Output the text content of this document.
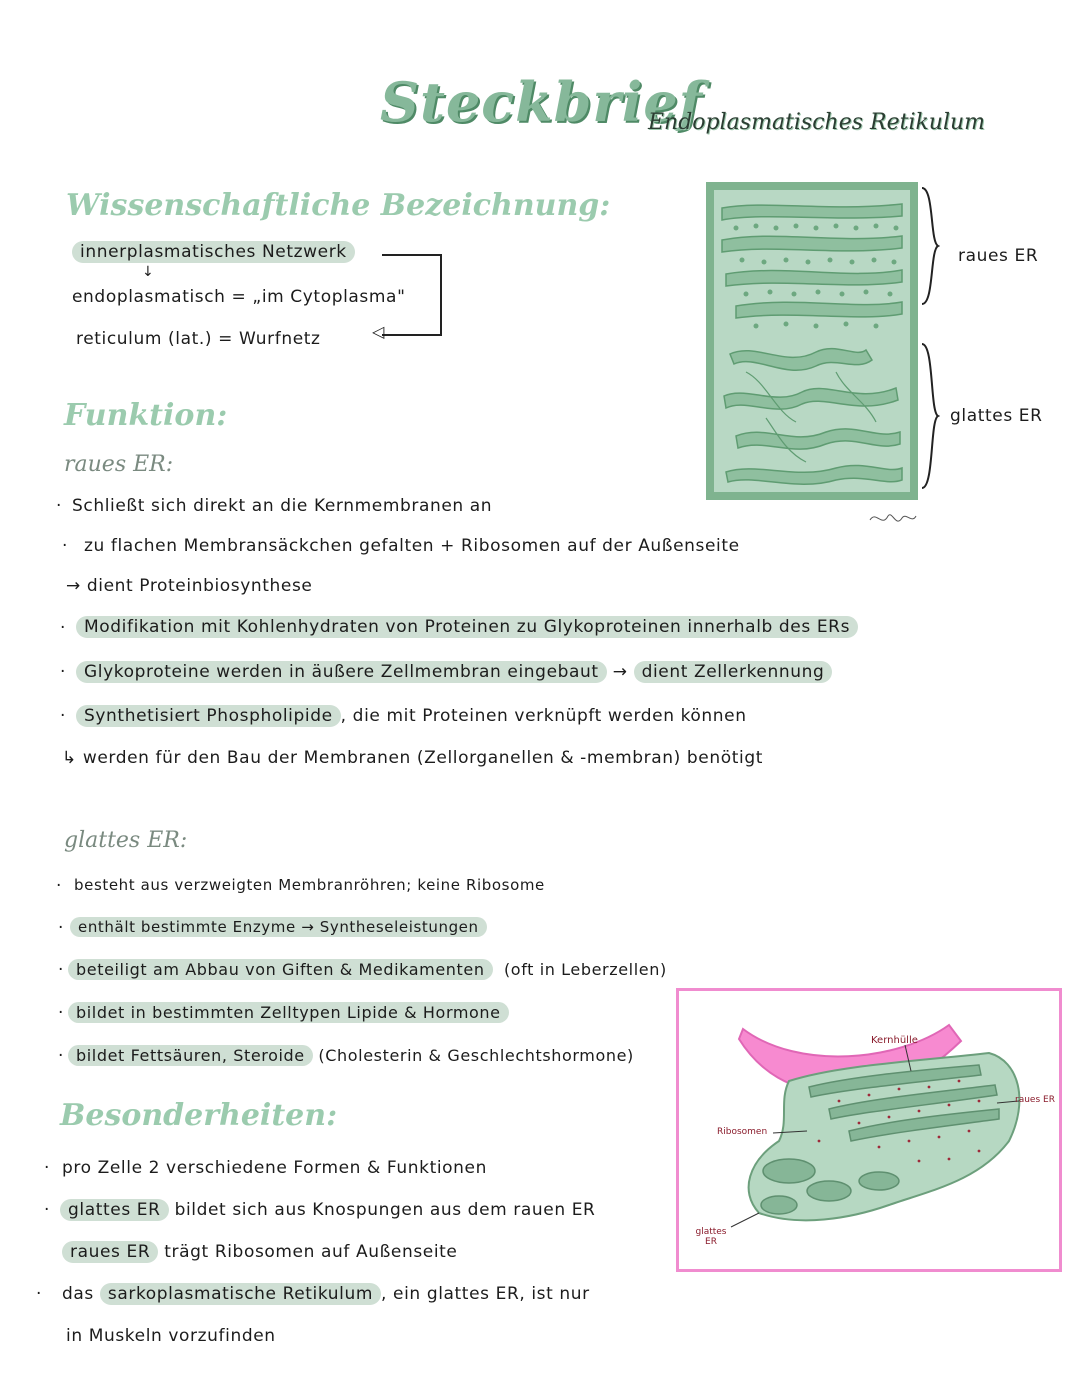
Steckbrief
Endoplasmatisches Retikulum
Wissenschaftliche Bezeichnung:
innerplasmatisches Netzwerk
↓
endoplasmatisch = „im Cytoplasma"
reticulum (lat.) = Wurfnetz	◁
raues ER
glattes ER
Funktion:
raues ER:
· Schließt sich direkt an die Kernmembranen an
· zu flachen Membransäckchen gefalten + Ribosomen auf der Außenseite
→ dient Proteinbiosynthese
·	Modifikation mit Kohlenhydraten von Proteinen zu Glykoproteinen innerhalb des ERs
·	Glykoproteine werden in äußere Zellmembran eingebaut → dient Zellerkennung
·	Synthetisiert Phospholipide , die mit Proteinen verknüpft werden können
↳ werden für den Bau der Membranen (Zellorganellen & -membran) benötigt
glattes ER:
· besteht aus verzweigten Membranröhren; keine Ribosome
· enthält bestimmte Enzyme → Syntheseleistungen
· beteiligt am Abbau von Giften & Medikamenten (oft in Leberzellen)
· bildet in bestimmten Zelltypen Lipide & Hormone
· bildet Fettsäuren, Steroide (Cholesterin & Geschlechtshormone)
Besonderheiten:
· pro Zelle 2 verschiedene Formen & Funktionen
·	glattes ER bildet sich aus Knospungen aus dem rauen ER
raues ER trägt Ribosomen auf Außenseite
· das sarkoplasmatische Retikulum , ein glattes ER, ist nur
in Muskeln vorzufinden
Kernhülle
Ribosomen
raues ER
glattes ER
